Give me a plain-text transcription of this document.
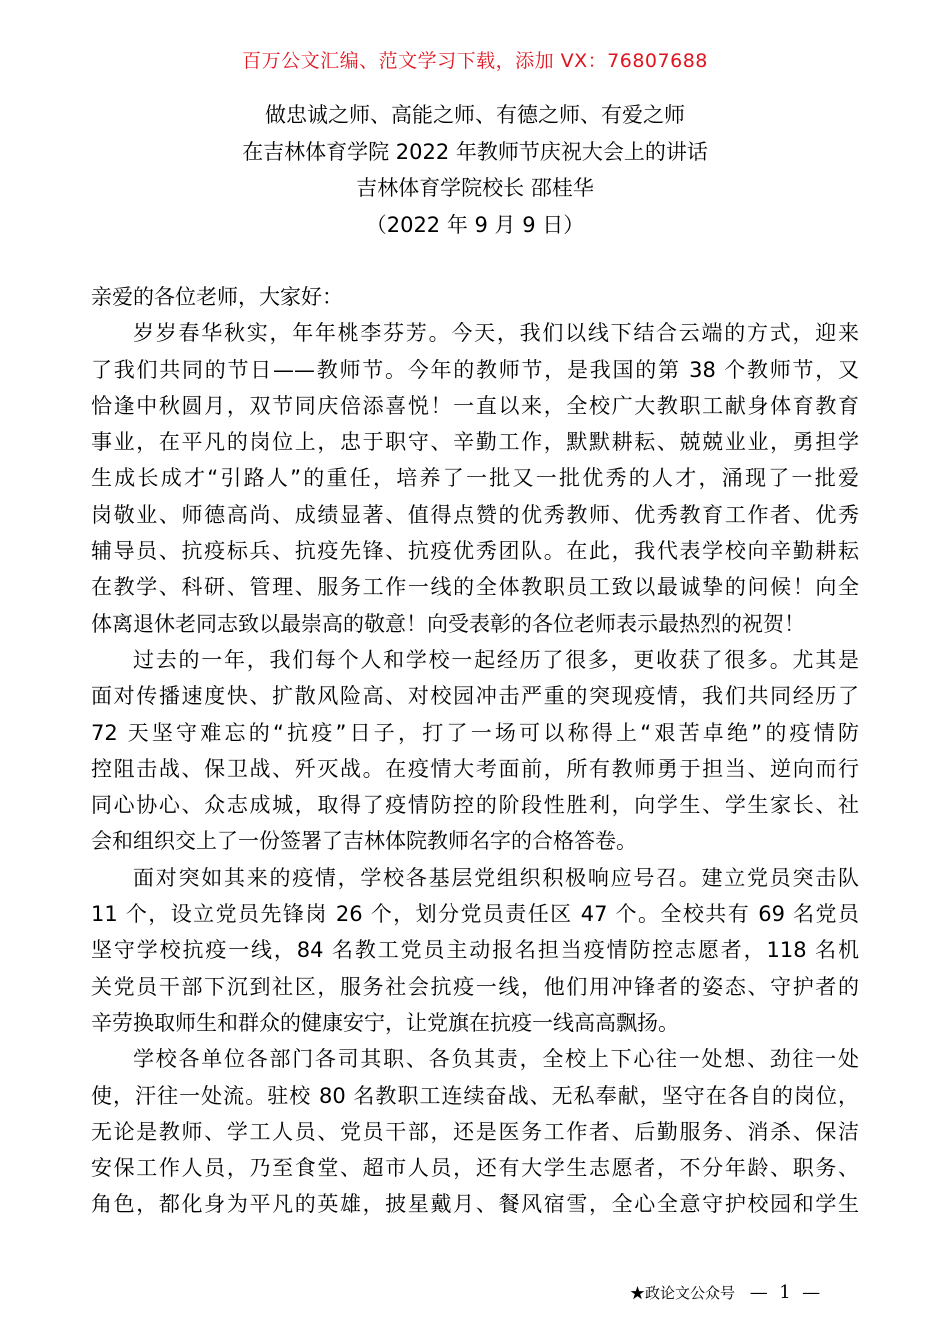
百万公文汇编、范文学习下载，添加 VX：76807688
做忠诚之师、高能之师、有德之师、有爱之师
在吉林体育学院 2022 年教师节庆祝大会上的讲话
吉林体育学院校长 邵桂华
（2022 年 9 月 9 日）
亲爱的各位老师，大家好：

岁岁春华秋实，年年桃李芬芳。今天，我们以线下结合云端的方式，迎来
了我们共同的节日——教师节。今年的教师节，是我国的第 38 个教师节，又
恰逢中秋圆月，双节同庆倍添喜悦！一直以来，全校广大教职工献身体育教育
事业，在平凡的岗位上，忠于职守、辛勤工作，默默耕耘、兢兢业业，勇担学
生成长成才“引路人”的重任，培养了一批又一批优秀的人才，涌现了一批爱
岗敬业、师德高尚、成绩显著、值得点赞的优秀教师、优秀教育工作者、优秀
辅导员、抗疫标兵、抗疫先锋、抗疫优秀团队。在此，我代表学校向辛勤耕耘
在教学、科研、管理、服务工作一线的全体教职员工致以最诚挚的问候！向全
体离退休老同志致以最崇高的敬意！向受表彰的各位老师表示最热烈的祝贺！

过去的一年，我们每个人和学校一起经历了很多，更收获了很多。尤其是
面对传播速度快、扩散风险高、对校园冲击严重的突现疫情，我们共同经历了
72 天坚守难忘的“抗疫”日子，打了一场可以称得上“艰苦卓绝”的疫情防
控阻击战、保卫战、歼灭战。在疫情大考面前，所有教师勇于担当、逆向而行
同心协心、众志成城，取得了疫情防控的阶段性胜利，向学生、学生家长、社
会和组织交上了一份签署了吉林体院教师名字的合格答卷。

面对突如其来的疫情，学校各基层党组织积极响应号召。建立党员突击队
11 个，设立党员先锋岗 26 个，划分党员责任区 47 个。全校共有 69 名党员
坚守学校抗疫一线，84 名教工党员主动报名担当疫情防控志愿者，118 名机
关党员干部下沉到社区，服务社会抗疫一线，他们用冲锋者的姿态、守护者的
辛劳换取师生和群众的健康安宁，让党旗在抗疫一线高高飘扬。

学校各单位各部门各司其职、各负其责，全校上下心往一处想、劲往一处
使，汗往一处流。驻校 80 名教职工连续奋战、无私奉献，坚守在各自的岗位，
无论是教师、学工人员、党员干部，还是医务工作者、后勤服务、消杀、保洁
安保工作人员，乃至食堂、超市人员，还有大学生志愿者，不分年龄、职务、
角色，都化身为平凡的英雄，披星戴月、餐风宿雪，全心全意守护校园和学生

★政论文公众号 — 1 —
